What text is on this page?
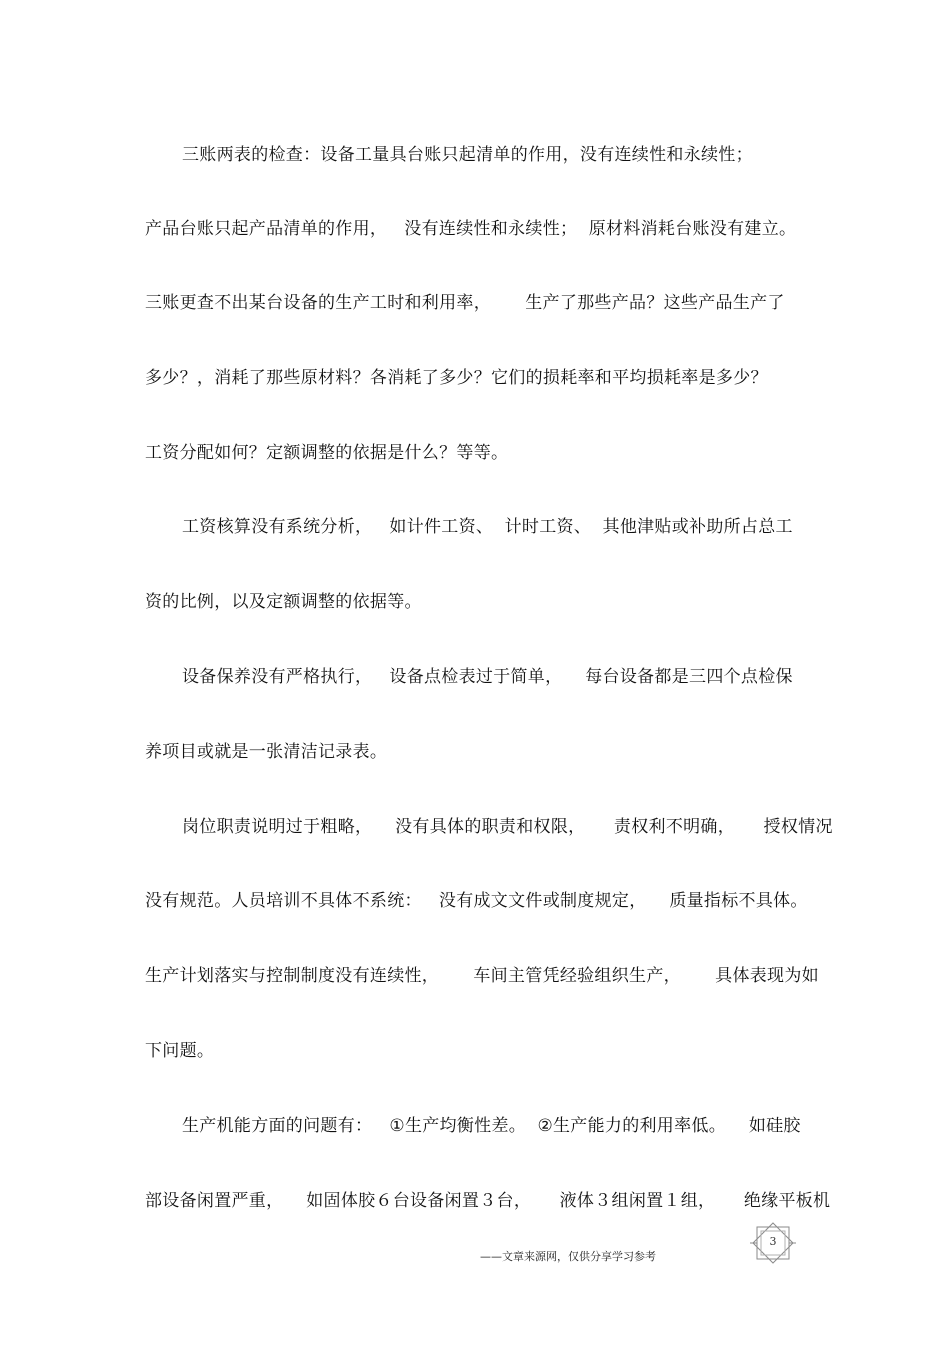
三账两表的检查：设备工量具台账只起清单的作用，没有连续性和永续性；
产品台账只起产品清单的作用，   没有连续性和永续性；  原材料消耗台账没有建立。
三账更查不出某台设备的生产工时和利用率，      生产了那些产品？这些产品生产了
多少？，消耗了那些原材料？各消耗了多少？它们的损耗率和平均损耗率是多少？
工资分配如何？定额调整的依据是什么？等等。
工资核算没有系统分析，   如计件工资、  计时工资、  其他津贴或补助所占总工
资的比例，以及定额调整的依据等。
设备保养没有严格执行，   设备点检表过于简单，    每台设备都是三四个点检保
养项目或就是一张清洁记录表。
岗位职责说明过于粗略，    没有具体的职责和权限，     责权利不明确，     授权情况
没有规范。人员培训不具体不系统：   没有成文文件或制度规定，    质量指标不具体。
生产计划落实与控制制度没有连续性，      车间主管凭经验组织生产，      具体表现为如
下问题。
生产机能方面的问题有：   ①生产均衡性差。  ②生产能力的利用率低。    如硅胶
部设备闲置严重，    如固体胶６台设备闲置３台，     液体３组闲置１组，     绝缘平板机
——文章来源网，仅供分享学习参考
3
